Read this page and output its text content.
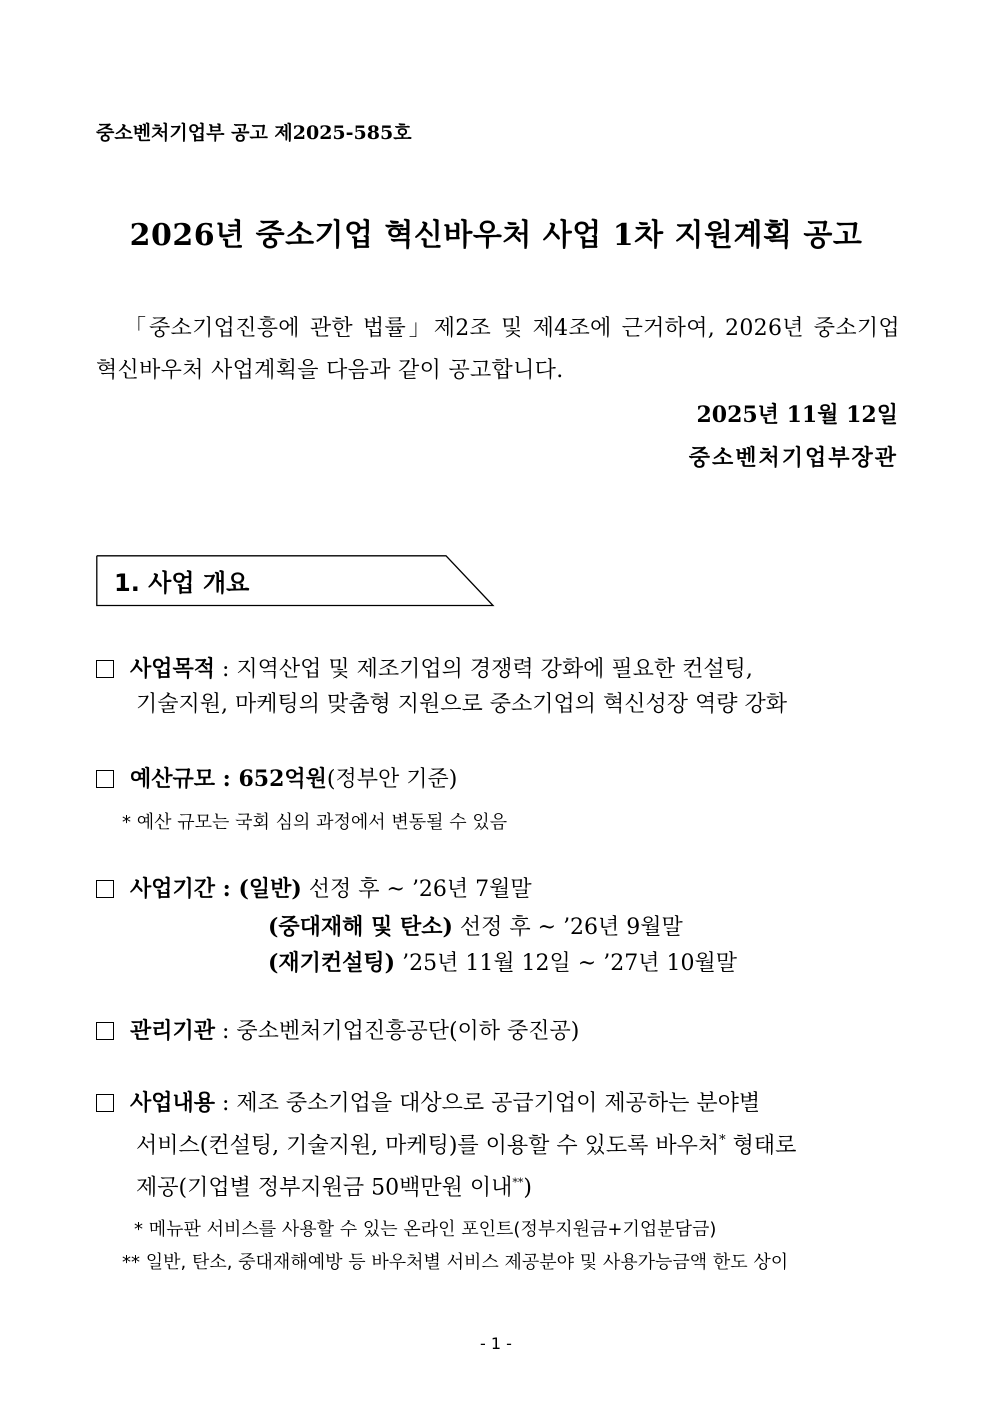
중소벤처기업부 공고 제2025-585호
2026년 중소기업 혁신바우처 사업 1차 지원계획 공고
「중소기업진흥에 관한 법률」제2조 및 제4조에 근거하여, 2026년 중소기업 혁신바우처 사업계획을 다음과 같이 공고합니다.
2025년 11월 12일
중소벤처기업부장관
1. 사업 개요
사업목적 : 지역산업 및 제조기업의 경쟁력 강화에 필요한 컨설팅,
기술지원, 마케팅의 맞춤형 지원으로 중소기업의 혁신성장 역량 강화
예산규모 : 652억원(정부안 기준)
* 예산 규모는 국회 심의 과정에서 변동될 수 있음
사업기간 : (일반) 선정 후 ~ ’26년 7월말
(중대재해 및 탄소) 선정 후 ~ ’26년 9월말
(재기컨설팅) ’25년 11월 12일 ~ ’27년 10월말
관리기관 : 중소벤처기업진흥공단(이하 중진공)
사업내용 : 제조 중소기업을 대상으로 공급기업이 제공하는 분야별
서비스(컨설팅, 기술지원, 마케팅)를 이용할 수 있도록 바우처* 형태로
제공(기업별 정부지원금 50백만원 이내**)
* 메뉴판 서비스를 사용할 수 있는 온라인 포인트(정부지원금+기업분담금)
** 일반, 탄소, 중대재해예방 등 바우처별 서비스 제공분야 및 사용가능금액 한도 상이
- 1 -
